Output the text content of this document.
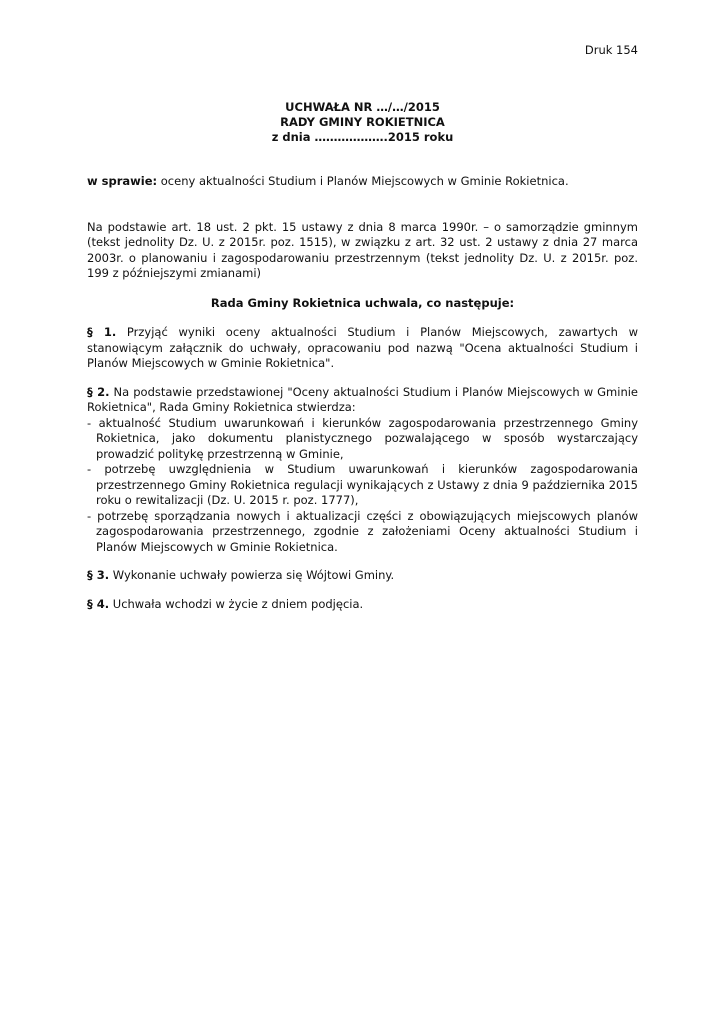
Druk 154
UCHWAŁA NR …/…/2015
RADY GMINY ROKIETNICA
z dnia ……………….2015 roku

w sprawie: oceny aktualności Studium i Planów Miejscowych w Gminie Rokietnica.

Na podstawie art. 18 ust. 2 pkt. 15 ustawy z dnia 8 marca 1990r. – o samorządzie gminnym (tekst jednolity Dz. U. z 2015r. poz. 1515), w związku z art. 32 ust. 2 ustawy z dnia 27 marca 2003r. o planowaniu i zagospodarowaniu przestrzennym (tekst jednolity Dz. U. z 2015r. poz. 199 z późniejszymi zmianami)

Rada Gminy Rokietnica uchwala, co następuje:

§ 1. Przyjąć wyniki oceny aktualności Studium i Planów Miejscowych, zawartych w stanowiącym załącznik do uchwały, opracowaniu pod nazwą "Ocena aktualności Studium i Planów Miejscowych w Gminie Rokietnica".

§ 2. Na podstawie przedstawionej "Oceny aktualności Studium i Planów Miejscowych w Gminie Rokietnica", Rada Gminy Rokietnica stwierdza:
- aktualność Studium uwarunkowań i kierunków zagospodarowania przestrzennego Gminy Rokietnica, jako dokumentu planistycznego pozwalającego w sposób wystarczający prowadzić politykę przestrzenną w Gminie,
- potrzebę uwzględnienia w Studium uwarunkowań i kierunków zagospodarowania przestrzennego Gminy Rokietnica regulacji wynikających z Ustawy z dnia 9 października 2015 roku o rewitalizacji (Dz. U. 2015 r. poz. 1777),
- potrzebę sporządzania nowych i aktualizacji części z obowiązujących miejscowych planów zagospodarowania przestrzennego, zgodnie z założeniami Oceny aktualności Studium i Planów Miejscowych w Gminie Rokietnica.

§ 3. Wykonanie uchwały powierza się Wójtowi Gminy.

§ 4. Uchwała wchodzi w życie z dniem podjęcia.
